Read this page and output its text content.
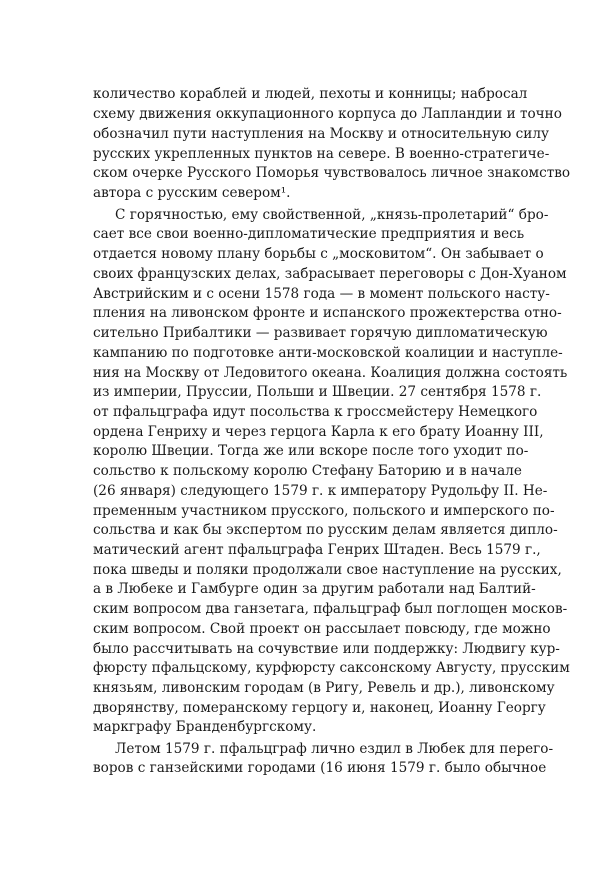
количество кораблей и людей, пехоты и конницы; набросал
схему движения оккупационного корпуса до Лапландии и точно
обозначил пути наступления на Москву и относительную силу
русских укрепленных пунктов на севере. В военно-стратегиче-
ском очерке Русского Поморья чувствовалось личное знакомство
автора с русским севером¹.
С горячностью, ему свойственной, „князь-пролетарий“ бро-
сает все свои военно-дипломатические предприятия и весь
отдается новому плану борьбы с „московитом“. Он забывает о
своих французских делах, забрасывает переговоры с Дон-Хуаном
Австрийским и с осени 1578 года — в момент польского насту-
пления на ливонском фронте и испанского прожектерства отно-
сительно Прибалтики — развивает горячую дипломатическую
кампанию по подготовке анти-московской коалиции и наступле-
ния на Москву от Ледовитого океана. Коалиция должна состоять
из империи, Пруссии, Польши и Швеции. 27 сентября 1578 г.
от пфальцграфа идут посольства к гроссмейстеру Немецкого
ордена Генриху и через герцога Карла к его брату Иоанну III,
королю Швеции. Тогда же или вскоре после того уходит по-
сольство к польскому королю Стефану Баторию и в начале
(26 января) следующего 1579 г. к императору Рудольфу II. Не-
пременным участником прусского, польского и имперского по-
сольства и как бы экспертом по русским делам является дипло-
матический агент пфальцграфа Генрих Штаден. Весь 1579 г.,
пока шведы и поляки продолжали свое наступление на русских,
а в Любеке и Гамбурге один за другим работали над Балтий-
ским вопросом два ганзетага, пфальцграф был поглощен москов-
ским вопросом. Свой проект он рассылает повсюду, где можно
было рассчитывать на сочувствие или поддержку: Людвигу кур-
фюрсту пфальцскому, курфюрсту саксонскому Августу, прусским
князьям, ливонским городам (в Ригу, Ревель и др.), ливонскому
дворянству, померанскому герцогу и, наконец, Иоанну Георгу
маркграфу Бранденбургскому.
Летом 1579 г. пфальцграф лично ездил в Любек для перего-
воров с ганзейскими городами (16 июня 1579 г. было обычное
